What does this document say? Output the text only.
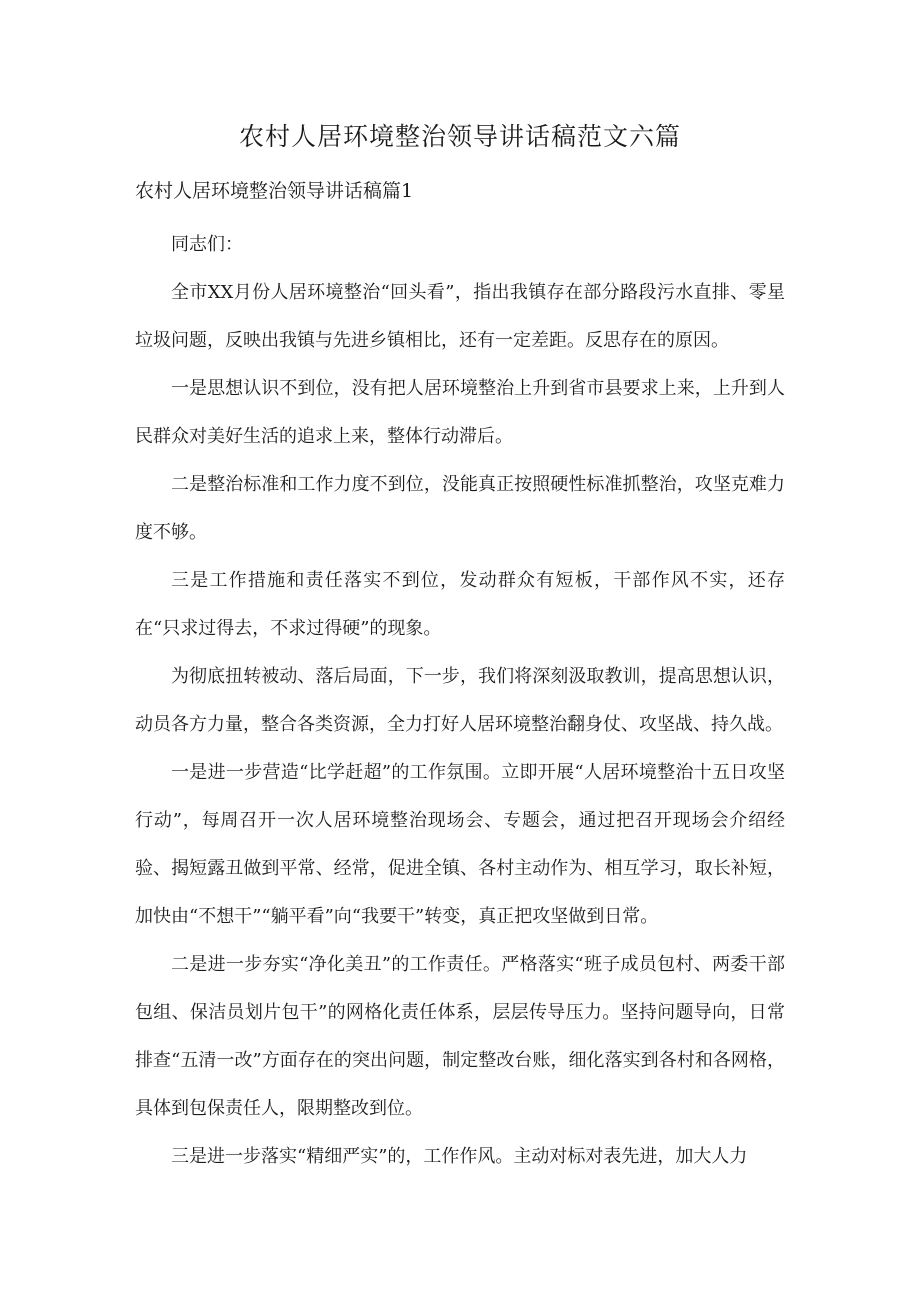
农村人居环境整治领导讲话稿范文六篇
农村人居环境整治领导讲话稿篇1

同志们：

全市XX月份人居环境整治“回头看”，指出我镇存在部分路段污水直排、零星垃圾问题，反映出我镇与先进乡镇相比，还有一定差距。反思存在的原因。

一是思想认识不到位，没有把人居环境整治上升到省市县要求上来，上升到人民群众对美好生活的追求上来，整体行动滞后。

二是整治标准和工作力度不到位，没能真正按照硬性标准抓整治，攻坚克难力度不够。

三是工作措施和责任落实不到位，发动群众有短板，干部作风不实，还存在“只求过得去，不求过得硬”的现象。

为彻底扭转被动、落后局面，下一步，我们将深刻汲取教训，提高思想认识，动员各方力量，整合各类资源，全力打好人居环境整治翻身仗、攻坚战、持久战。

一是进一步营造“比学赶超”的工作氛围。立即开展“人居环境整治十五日攻坚行动”，每周召开一次人居环境整治现场会、专题会，通过把召开现场会介绍经验、揭短露丑做到平常、经常，促进全镇、各村主动作为、相互学习，取长补短，加快由“不想干”“躺平看”向“我要干”转变，真正把攻坚做到日常。

二是进一步夯实“净化美丑”的工作责任。严格落实“班子成员包村、两委干部包组、保洁员划片包干”的网格化责任体系，层层传导压力。坚持问题导向，日常排查“五清一改”方面存在的突出问题，制定整改台账，细化落实到各村和各网格，具体到包保责任人，限期整改到位。

三是进一步落实“精细严实”的，工作作风。主动对标对表先进，加大人力
